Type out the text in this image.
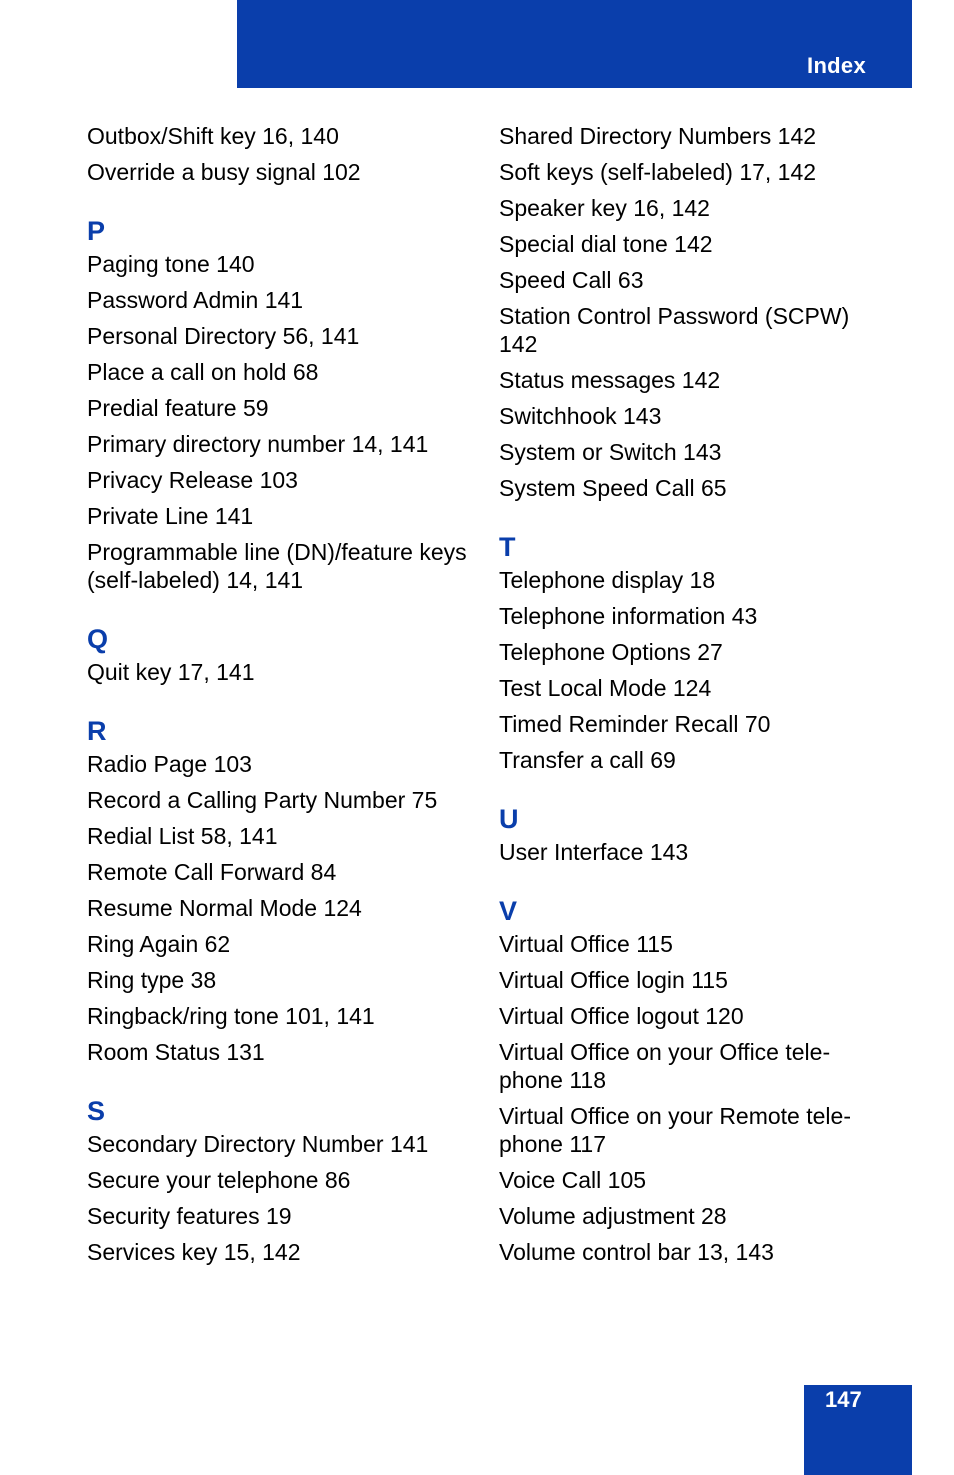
Index
Outbox/Shift key 16, 140
Override a busy signal 102
P
Paging tone 140
Password Admin 141
Personal Directory 56, 141
Place a call on hold 68
Predial feature 59
Primary directory number 14, 141
Privacy Release 103
Private Line 141
Programmable line (DN)/feature keys (self-labeled) 14, 141
Q
Quit key 17, 141
R
Radio Page 103
Record a Calling Party Number 75
Redial List 58, 141
Remote Call Forward 84
Resume Normal Mode 124
Ring Again 62
Ring type 38
Ringback/ring tone 101, 141
Room Status 131
S
Secondary Directory Number 141
Secure your telephone 86
Security features 19
Services key 15, 142
Shared Directory Numbers 142
Soft keys (self-labeled) 17, 142
Speaker key 16, 142
Special dial tone 142
Speed Call 63
Station Control Password (SCPW) 142
Status messages 142
Switchhook 143
System or Switch 143
System Speed Call 65
T
Telephone display 18
Telephone information 43
Telephone Options 27
Test Local Mode 124
Timed Reminder Recall 70
Transfer a call 69
U
User Interface 143
V
Virtual Office 115
Virtual Office login 115
Virtual Office logout 120
Virtual Office on your Office tele-phone 118
Virtual Office on your Remote tele-phone 117
Voice Call 105
Volume adjustment 28
Volume control bar 13, 143
147
